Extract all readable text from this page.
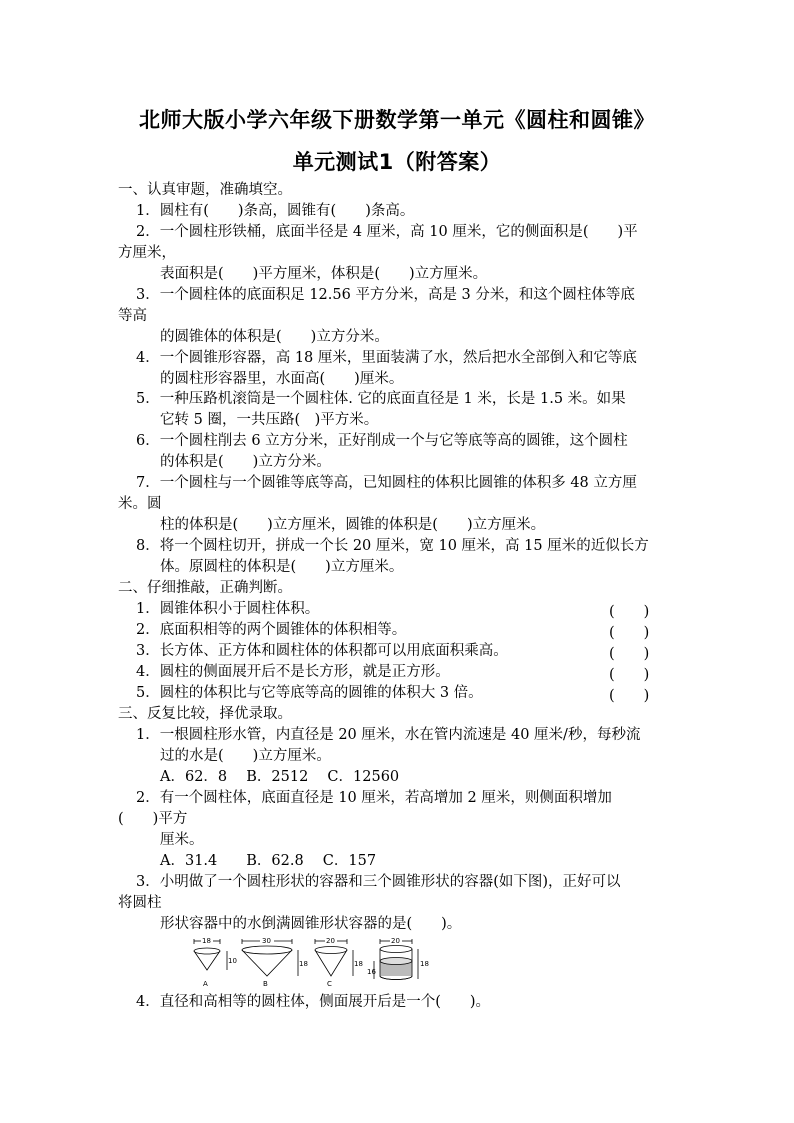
北师大版小学六年级下册数学第一单元《圆柱和圆锥》
单元测试1（附答案）
一、认真审题，准确填空。
1．圆柱有(　　)条高，圆锥有(　　)条高。
2．一个圆柱形铁桶，底面半径是 4 厘米，高 10 厘米，它的侧面积是(　　)平
方厘米，
表面积是(　　)平方厘米，体积是(　　)立方厘米。
3．一个圆柱体的底面积足 12.56 平方分米，高是 3 分米，和这个圆柱体等底
等高
的圆锥体的体积是(　　)立方分米。
4．一个圆锥形容器，高 18 厘米，里面装满了水，然后把水全部倒入和它等底
的圆柱形容器里，水面高(　　)厘米。
5．一种压路机滚筒是一个圆柱体. 它的底面直径是 1 米，长是 1.5 米。如果
它转 5 圈，一共压路(　)平方米。
6．一个圆柱削去 6 立方分米，正好削成一个与它等底等高的圆锥，这个圆柱
的体积是(　　)立方分米。
7．一个圆柱与一个圆锥等底等高，已知圆柱的体积比圆锥的体积多 48 立方厘
米。圆
柱的体积是(　　)立方厘米，圆锥的体积是(　　)立方厘米。
8．将一个圆柱切开，拼成一个长 20 厘米，宽 10 厘米，高 15 厘米的近似长方
体。原圆柱的体积是(　　)立方厘米。
二、仔细推敲，正确判断。
1．圆锥体积小于圆柱体积。	(　　)
2．底面积相等的两个圆锥体的体积相等。	(　　)
3．长方体、正方体和圆柱体的体积都可以用底面积乘高。	(　　)
4．圆柱的侧面展开后不是长方形，就是正方形。	(　　)
5．圆柱的体积比与它等底等高的圆锥的体积大 3 倍。	(　　)
三、反复比较，择优录取。
1．一根圆柱形水管，内直径是 20 厘米，水在管内流速是 40 厘米/秒，每秒流
过的水是(　　)立方厘米。
A．62．8　 B．2512　 C．12560
2．有一个圆柱体，底面直径是 10 厘米，若高增加 2 厘米，则侧面积增加
(　　)平方
厘米。
A．31.4　　B．62.8　 C．157
3．小明做了一个圆柱形状的容器和三个圆锥形状的容器(如下图)，正好可以
将圆柱
形状容器中的水倒满圆锥形状容器的是(　　)。
18
10
A
30
18
B
20
18
C
20
16
18
4．直径和高相等的圆柱体，侧面展开后是一个(　　)。
